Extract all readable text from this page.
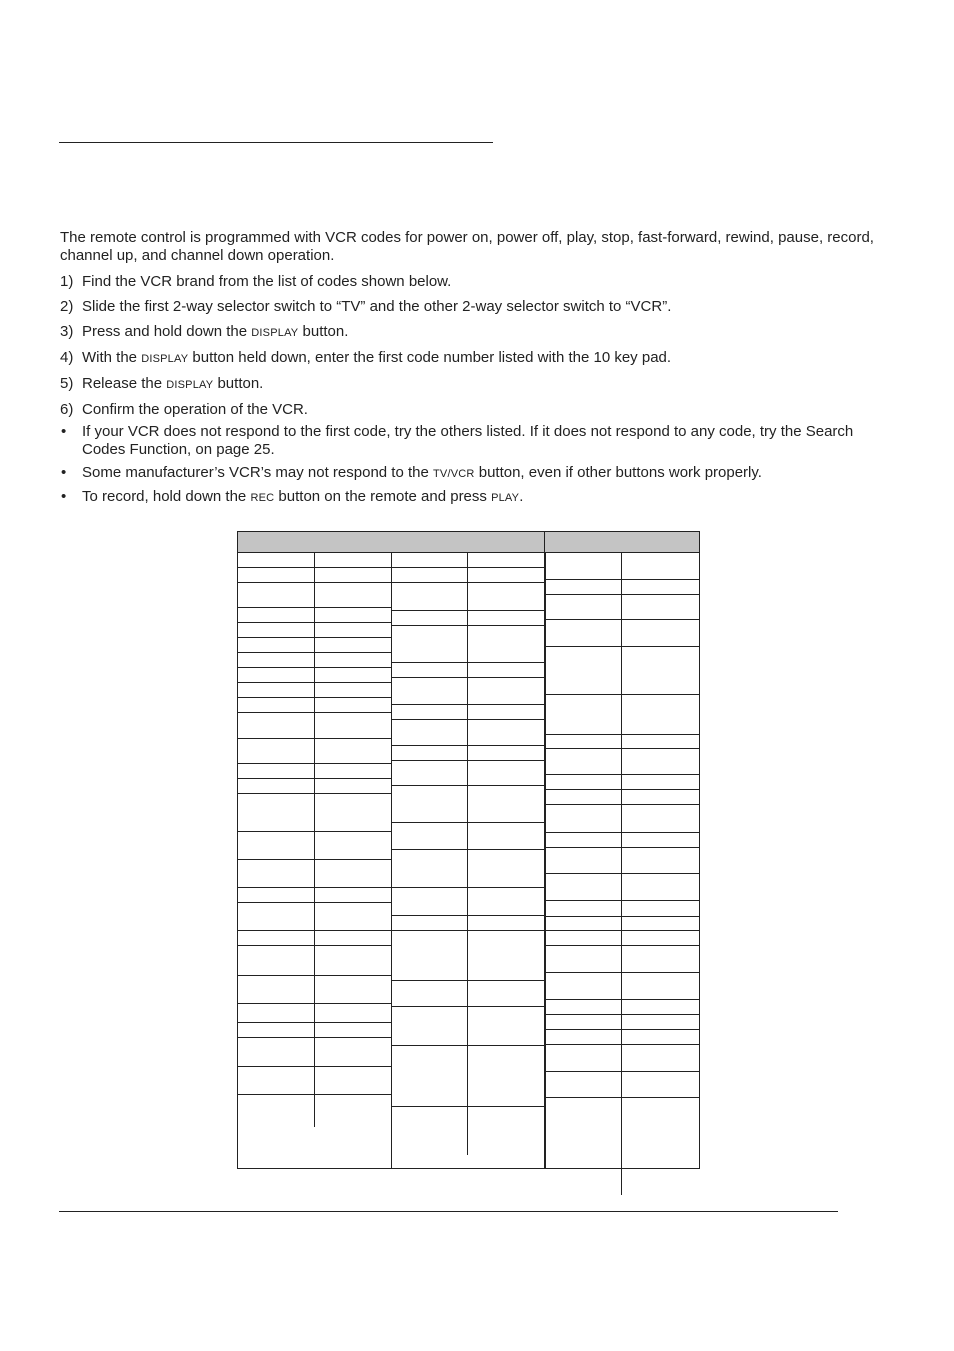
The remote control is programmed with VCR codes for power on, power off, play, stop, fast-forward, rewind, pause, record, channel up, and channel down operation.

1) Find the VCR brand from the list of codes shown below.
2) Slide the first 2-way selector switch to “TV” and the other 2-way selector switch to “VCR”.
3) Press and hold down the DISPLAY button.
4) With the DISPLAY button held down, enter the first code number listed with the 10 key pad.
5) Release the DISPLAY button.
6) Confirm the operation of the VCR.
• If your VCR does not respond to the first code, try the others listed. If it does not respond to any code, try the Search Codes Function, on page 25.
• Some manufacturer’s VCR’s may not respond to the TV/VCR button, even if other buttons work properly.
• To record, hold down the REC button on the remote and press PLAY.
